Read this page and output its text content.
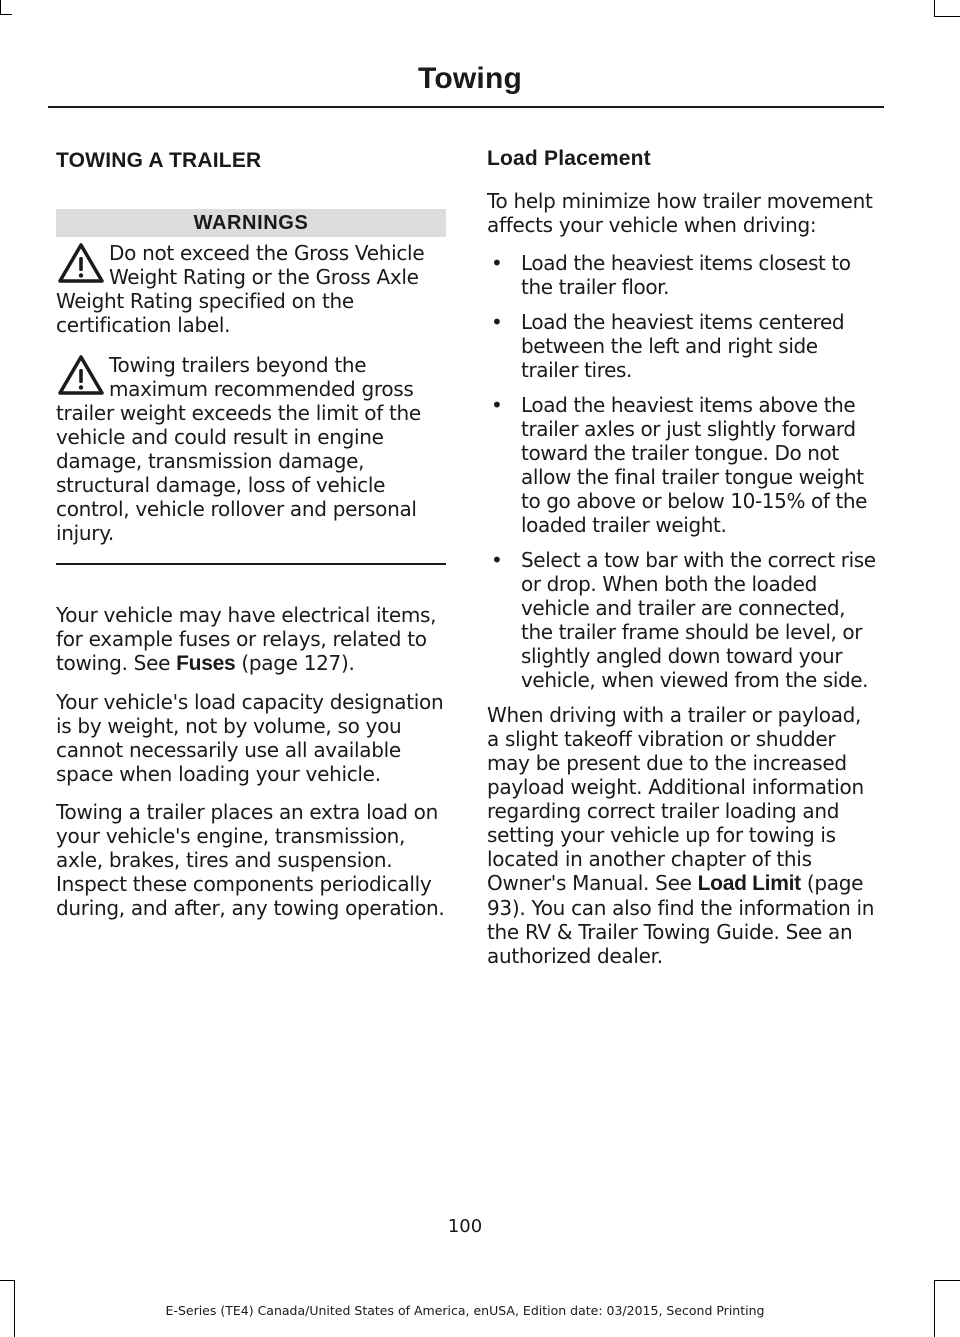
Towing
TOWING A TRAILER
WARNINGS
Do not exceed the Gross Vehicle Weight Rating or the Gross Axle Weight Rating specified on the certification label.
Towing trailers beyond the maximum recommended gross trailer weight exceeds the limit of the vehicle and could result in engine damage, transmission damage, structural damage, loss of vehicle control, vehicle rollover and personal injury.

Your vehicle may have electrical items, for example fuses or relays, related to towing. See Fuses (page 127).

Your vehicle's load capacity designation is by weight, not by volume, so you cannot necessarily use all available space when loading your vehicle.

Towing a trailer places an extra load on your vehicle's engine, transmission, axle, brakes, tires and suspension. Inspect these components periodically during, and after, any towing operation.

Load Placement

To help minimize how trailer movement affects your vehicle when driving:

• Load the heaviest items closest to the trailer floor.
• Load the heaviest items centered between the left and right side trailer tires.
• Load the heaviest items above the trailer axles or just slightly forward toward the trailer tongue. Do not allow the final trailer tongue weight to go above or below 10-15% of the loaded trailer weight.
• Select a tow bar with the correct rise or drop. When both the loaded vehicle and trailer are connected, the trailer frame should be level, or slightly angled down toward your vehicle, when viewed from the side.

When driving with a trailer or payload, a slight takeoff vibration or shudder may be present due to the increased payload weight. Additional information regarding correct trailer loading and setting your vehicle up for towing is located in another chapter of this Owner's Manual. See Load Limit (page 93). You can also find the information in the RV & Trailer Towing Guide. See an authorized dealer.

100
E-Series (TE4) Canada/United States of America, enUSA, Edition date: 03/2015, Second Printing
